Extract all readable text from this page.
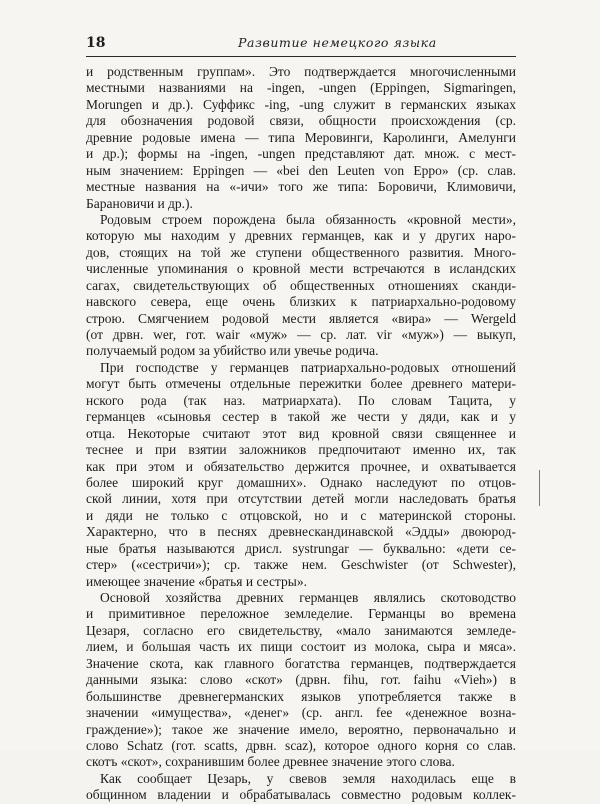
18	Развитие немецкого языка
и родственным группам». Это подтверждается многочисленными
местными названиями на -ingen, -ungen (Eppingen, Sigmaringen,
Morungen и др.). Суффикс -ing, -ung служит в германских языках
для обозначения родовой связи, общности происхождения (ср.
древние родовые имена — типа Меровинги, Каролинги, Амелунги
и др.); формы на -ingen, -ungen представляют дат. множ. с мест-
ным значением: Eppingen — «bei den Leuten von Eppo» (ср. слав.
местные названия на «-ичи» того же типа: Боровичи, Климовичи,
Барановичи и др.).
Родовым строем порождена была обязанность «кровной мести»,
которую мы находим у древних германцев, как и у других наро-
дов, стоящих на той же ступени общественного развития. Много-
численные упоминания о кровной мести встречаются в исландских
сагах, свидетельствующих об общественных отношениях сканди-
навского севера, еще очень близких к патриархально-родовому
строю. Смягчением родовой мести является «вира» — Wergeld
(от дрвн. wer, гот. wair «муж» — ср. лат. vir «муж») — выкуп,
получаемый родом за убийство или увечье родича.
При господстве у германцев патриархально-родовых отношений
могут быть отмечены отдельные пережитки более древнего матери-
нского рода (так наз. матриархата). По словам Тацита, у
германцев «сыновья сестер в такой же чести у дяди, как и у
отца. Некоторые считают этот вид кровной связи священнее и
теснее и при взятии заложников предпочитают именно их, так
как при этом и обязательство держится прочнее, и охватывается
более широкий круг домашних». Однако наследуют по отцов-
ской линии, хотя при отсутствии детей могли наследовать братья
и дяди не только с отцовской, но и с материнской стороны.
Характерно, что в песнях древнескандинавской «Эдды» двоюрод-
ные братья называются дрисл. systrungar — буквально: «дети се-
стер» («сестричи»); ср. также нем. Geschwister (от Schwester),
имеющее значение «братья и сестры».
Основой хозяйства древних германцев являлись скотоводство
и примитивное переложное земледелие. Германцы во времена
Цезаря, согласно его свидетельству, «мало занимаются земледе-
лием, и большая часть их пищи состоит из молока, сыра и мяса».
Значение скота, как главного богатства германцев, подтверждается
данными языка: слово «скот» (дрвн. fihu, гот. faihu «Vieh») в
большинстве древнегерманских языков употребляется также в
значении «имущества», «денег» (ср. англ. fee «денежное возна-
граждение»); такое же значение имело, вероятно, первоначально и
слово Schatz (гот. scatts, дрвн. scaz), которое одного корня со слав.
скотъ «скот», сохранившим более древнее значение этого слова.
Как сообщает Цезарь, у свевов земля находилась еще в
общинном владении и обрабатывалась совместно родовым коллек-
